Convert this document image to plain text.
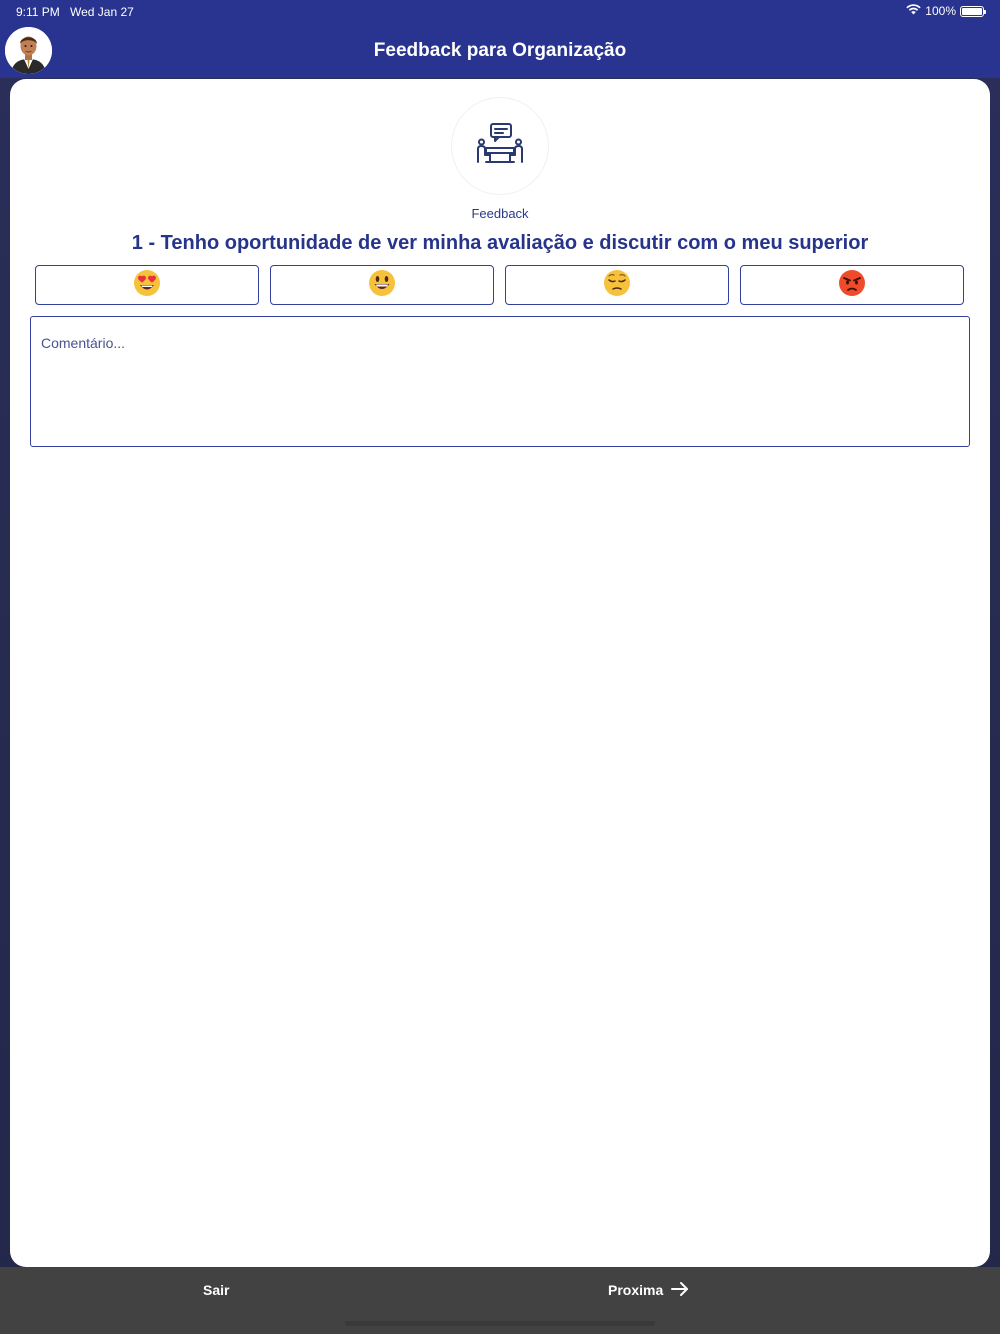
9:11 PM Wed Jan 27	100%
Feedback para Organização
Feedback
1 - Tenho oportunidade de ver minha avaliação e discutir com o meu superior
Comentário...
Sair	Proxima
